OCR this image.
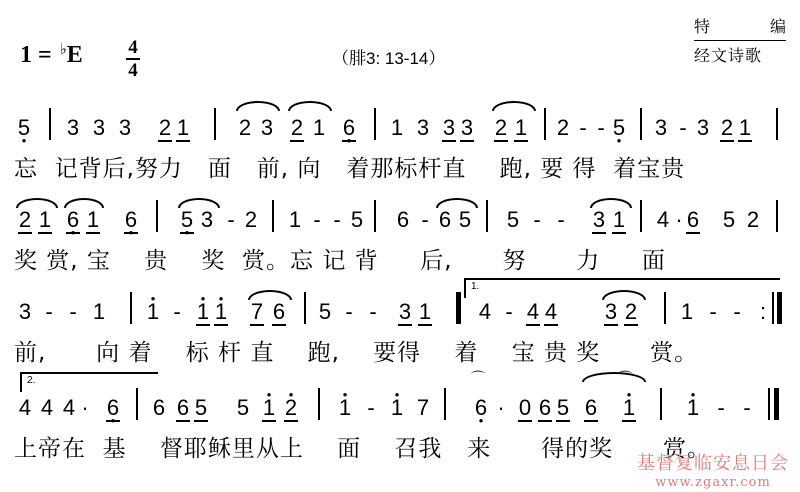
1 = ♭E 4
4
（腓3: 13-14）
特	编
经文诗歌
5 • 3 3 3 2 1 2 3 2 1 6 • 1 3 3 3 2 1 2 - - 5 • 3 - 3 2 1
忘  记背后,努力   面   前, 向   着那标杆直    跑, 要 得  着宝贵
2 1 6 • 1 6 • 5 • 3 - 2 1 - - 5 6 - 6 5 5 - - 3 1 4 · 6 5 2
奖 赏, 宝    贵    奖  赏。忘 记 背     后,      努      力     面
3 - - 1 • 1 - • 1 • 1 7 6 5 - - 3 1
1.
4 - 4 4 3 2 1 - - :
前,      向 着    标 杆 直    跑,    要得    着    宝 贵 奖      赏。
2.
4 4 4 · 6 • 6 6 5 5 • 1 • 2 • 1 - • 1 7
⌒
6 • · 0 6 5 6
⌒
• 1 • 1 - -
上帝在  基    督耶稣里从上    面    召我   来      得的奖      赏。
基督复临安息日会
www.zgaxr.com
